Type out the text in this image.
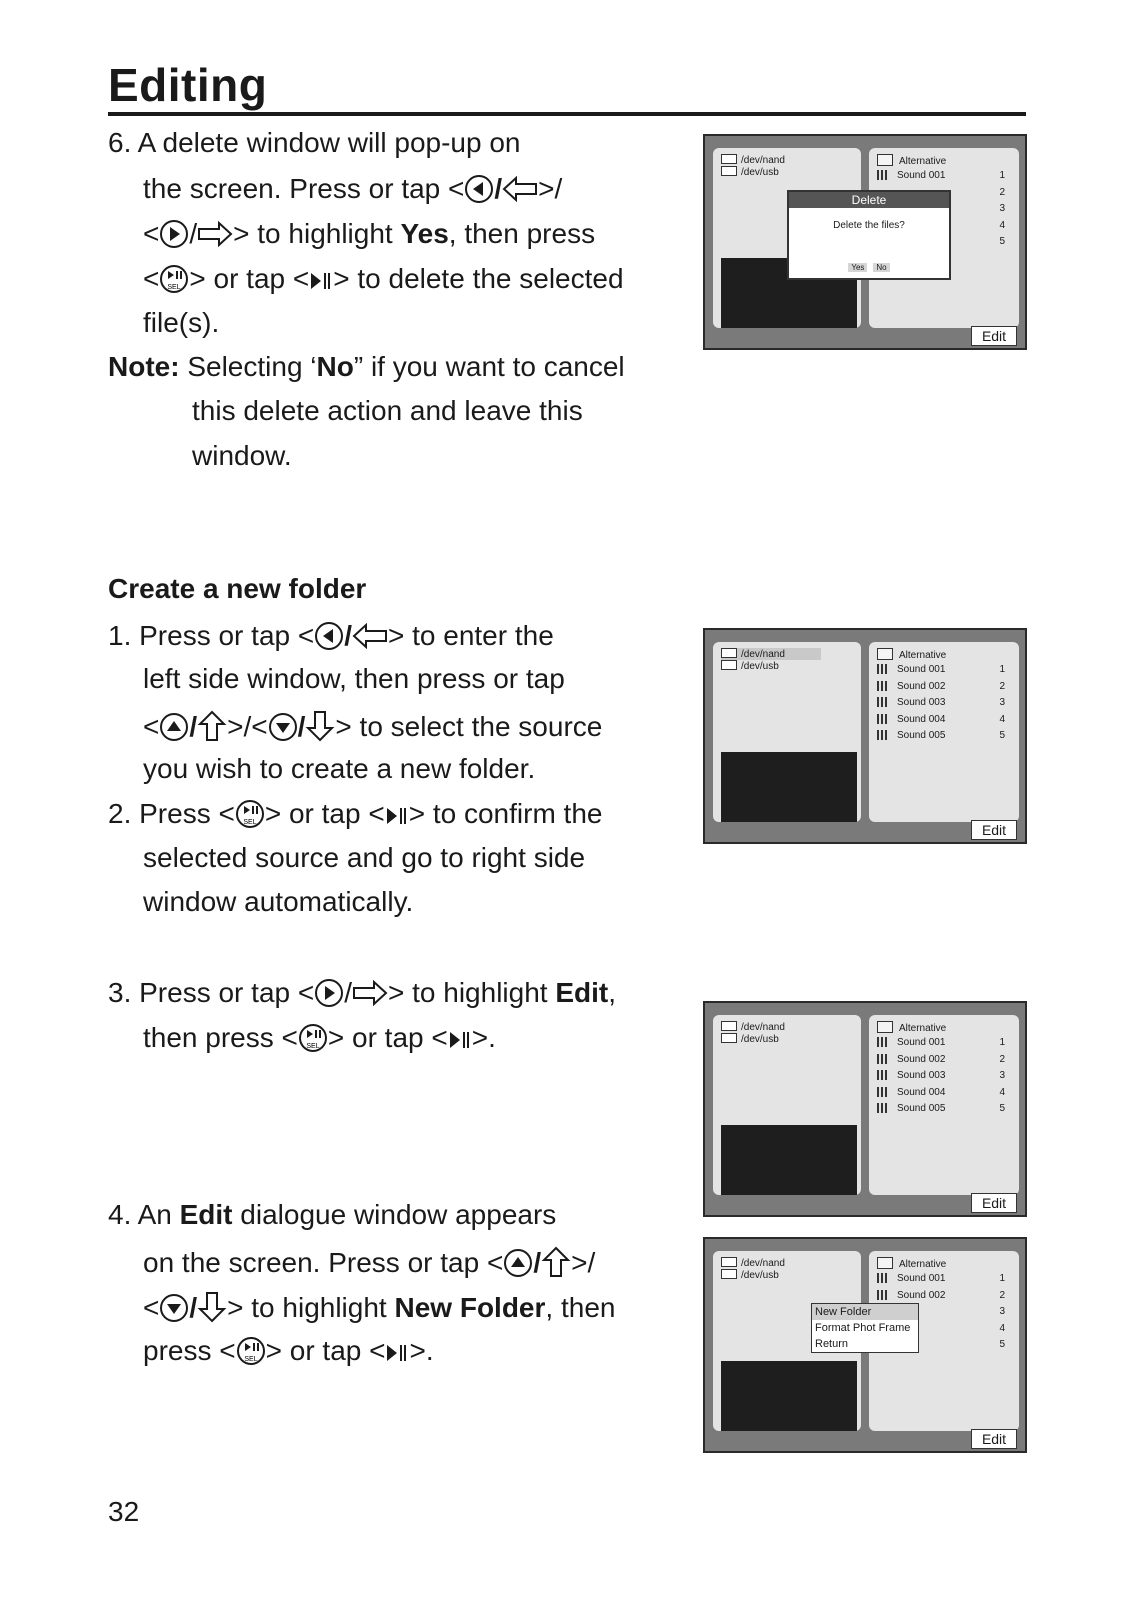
Editing
6. A delete window will pop-up on
the screen. Press or tap < / >/
< / > to highlight Yes, then press
< SEL > or tap < > to delete the selected
file(s).
Note: Selecting ‘No” if you want to cancel
this delete action and leave this
window.
/dev/nand
/dev/usb
Alternative
Sound 001	1
2
3
4
5
Delete
Delete the files?
Yes No
Edit
Create a new folder
1. Press or tap < / > to enter the
left side window, then press or tap
< / >/< / > to select the source
you wish to create a new folder.
2. Press < SEL > or tap < > to confirm the
selected source and go to right side
window automatically.
/dev/nand
/dev/usb
Alternative
Sound 001
Sound 002
Sound 003
Sound 004
Sound 005
1
2
3
4
5
Edit
3. Press or tap < / > to highlight Edit,
then press < SEL > or tap < >.	/dev/nand
/dev/usb
Alternative
Sound 001
Sound 002
Sound 003
Sound 004
Sound 005
1
2
3
4
5
Edit
4. An Edit dialogue window appears
on the screen. Press or tap < / >/
< / > to highlight New Folder, then
press < SEL > or tap < >.
/dev/nand
/dev/usb
Alternative
Sound 001
Sound 002
1
2
3
4
5
New Folder
Format Phot Frame
Return
Edit
32
